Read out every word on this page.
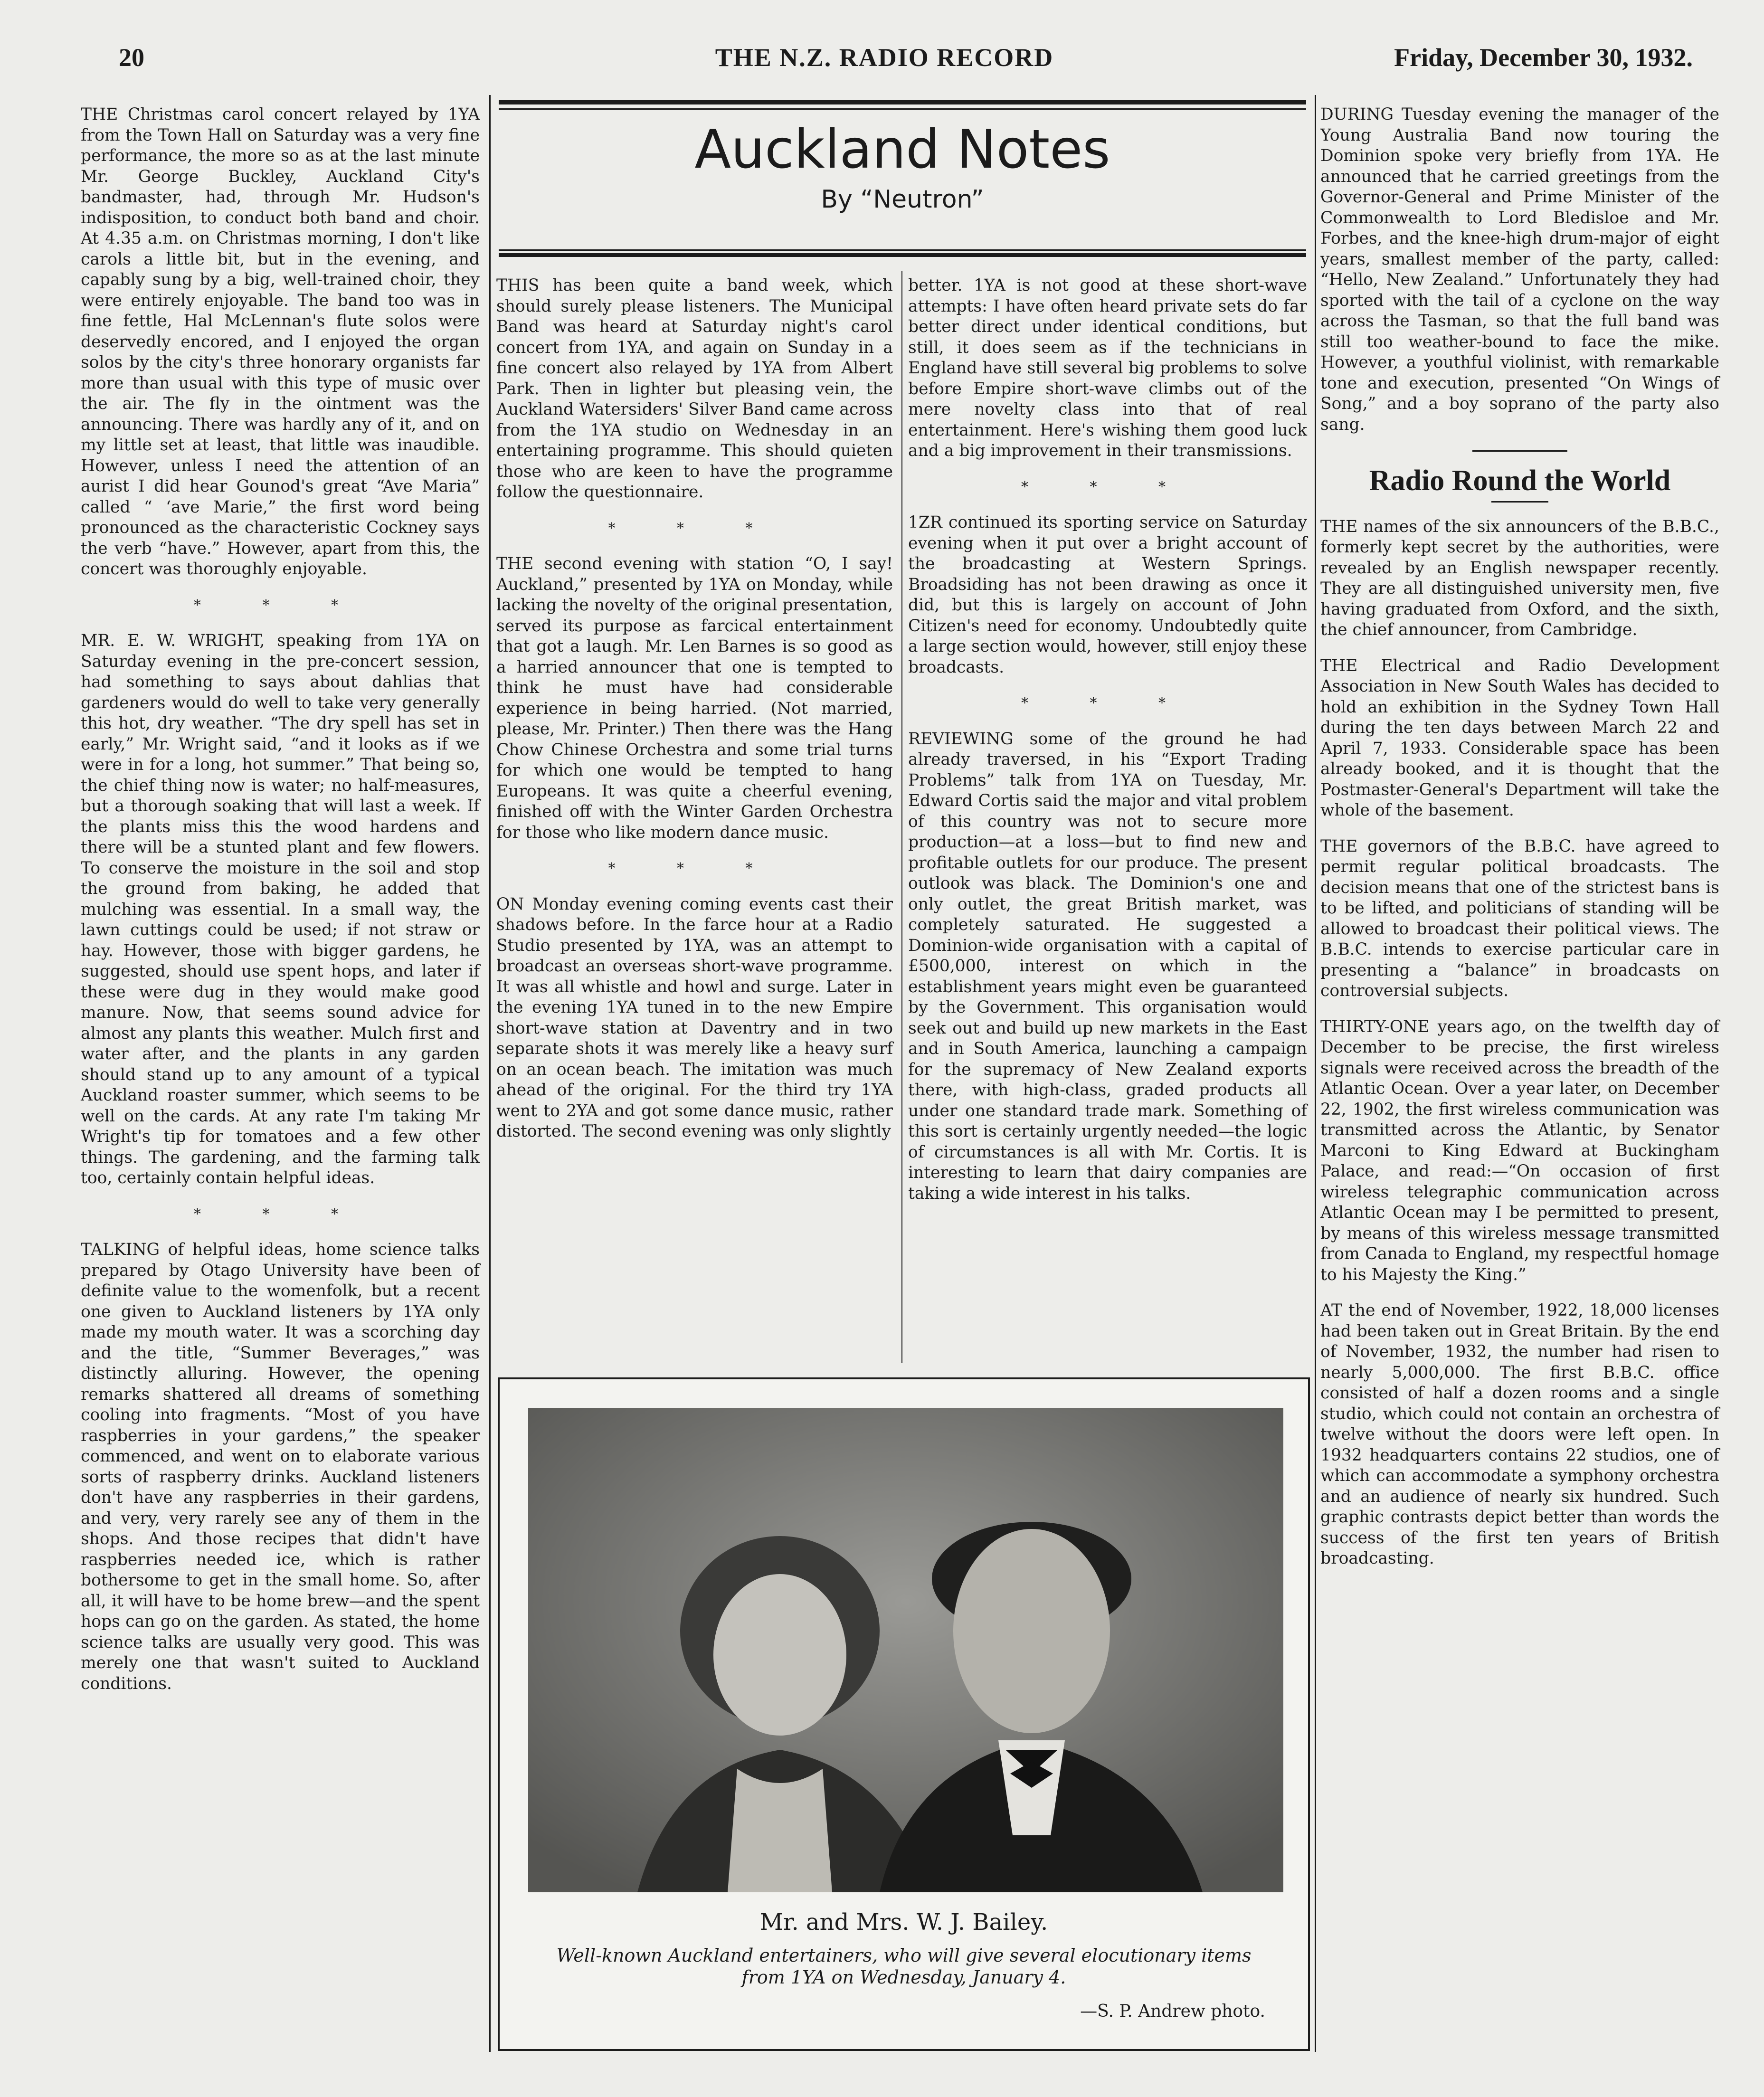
20	THE N.Z. RADIO RECORD	Friday, December 30, 1932.
Auckland Notes
By “Neutron”

THE Christmas carol concert relayed by 1YA from the Town Hall on Saturday was a very fine performance, the more so as at the last minute Mr. George Buckley, Auckland City's bandmaster, had, through Mr. Hudson's indisposition, to conduct both band and choir. At 4.35 a.m. on Christmas morning, I don't like carols a little bit, but in the evening, and capably sung by a big, well-trained choir, they were entirely enjoyable. The band too was in fine fettle, Hal McLennan's flute solos were deservedly encored, and I enjoyed the organ solos by the city's three honorary organists far more than usual with this type of music over the air. The fly in the ointment was the announcing. There was hardly any of it, and on my little set at least, that little was inaudible. However, unless I need the attention of an aurist I did hear Gounod's great “Ave Maria” called “ ‘ave Marie,” the first word being pronounced as the characteristic Cockney says the verb “have.” However, apart from this, the concert was thoroughly enjoyable.

* * *

MR. E. W. WRIGHT, speaking from 1YA on Saturday evening in the pre-concert session, had something to says about dahlias that gardeners would do well to take very generally this hot, dry weather. “The dry spell has set in early,” Mr. Wright said, “and it looks as if we were in for a long, hot summer.” That being so, the chief thing now is water; no half-measures, but a thorough soaking that will last a week. If the plants miss this the wood hardens and there will be a stunted plant and few flowers. To conserve the moisture in the soil and stop the ground from baking, he added that mulching was essential. In a small way, the lawn cuttings could be used; if not straw or hay. However, those with bigger gardens, he suggested, should use spent hops, and later if these were dug in they would make good manure. Now, that seems sound advice for almost any plants this weather. Mulch first and water after, and the plants in any garden should stand up to any amount of a typical Auckland roaster summer, which seems to be well on the cards. At any rate I'm taking Mr Wright's tip for tomatoes and a few other things. The gardening, and the farming talk too, certainly contain helpful ideas.

* * *

TALKING of helpful ideas, home science talks prepared by Otago University have been of definite value to the womenfolk, but a recent one given to Auckland listeners by 1YA only made my mouth water. It was a scorching day and the title, “Summer Beverages,” was distinctly alluring. However, the opening remarks shattered all dreams of something cooling into fragments. “Most of you have raspberries in your gardens,” the speaker commenced, and went on to elaborate various sorts of raspberry drinks. Auckland listeners don't have any raspberries in their gardens, and very, very rarely see any of them in the shops. And those recipes that didn't have raspberries needed ice, which is rather bothersome to get in the small home. So, after all, it will have to be home brew—and the spent hops can go on the garden. As stated, the home science talks are usually very good. This was merely one that wasn't suited to Auckland conditions.

THIS has been quite a band week, which should surely please listeners. The Municipal Band was heard at Saturday night's carol concert from 1YA, and again on Sunday in a fine concert also relayed by 1YA from Albert Park. Then in lighter but pleasing vein, the Auckland Watersiders' Silver Band came across from the 1YA studio on Wednesday in an entertaining programme. This should quieten those who are keen to have the programme follow the questionnaire.

* * *

THE second evening with station “O, I say! Auckland,” presented by 1YA on Monday, while lacking the novelty of the original presentation, served its purpose as farcical entertainment that got a laugh. Mr. Len Barnes is so good as a harried announcer that one is tempted to think he must have had considerable experience in being harried. (Not married, please, Mr. Printer.) Then there was the Hang Chow Chinese Orchestra and some trial turns for which one would be tempted to hang Europeans. It was quite a cheerful evening, finished off with the Winter Garden Orchestra for those who like modern dance music.

* * *

ON Monday evening coming events cast their shadows before. In the farce hour at a Radio Studio presented by 1YA, was an attempt to broadcast an overseas short-wave programme. It was all whistle and howl and surge. Later in the evening 1YA tuned in to the new Empire short-wave station at Daventry and in two separate shots it was merely like a heavy surf on an ocean beach. The imitation was much ahead of the original. For the third try 1YA went to 2YA and got some dance music, rather distorted. The second evening was only slightly

better. 1YA is not good at these short-wave attempts: I have often heard private sets do far better direct under identical conditions, but still, it does seem as if the technicians in England have still several big problems to solve before Empire short-wave climbs out of the mere novelty class into that of real entertainment. Here's wishing them good luck and a big improvement in their transmissions.

* * *

1ZR continued its sporting service on Saturday evening when it put over a bright account of the broadcasting at Western Springs. Broadsiding has not been drawing as once it did, but this is largely on account of John Citizen's need for economy. Undoubtedly quite a large section would, however, still enjoy these broadcasts.

* * *

REVIEWING some of the ground he had already traversed, in his “Export Trading Problems” talk from 1YA on Tuesday, Mr. Edward Cortis said the major and vital problem of this country was not to secure more production—at a loss—but to find new and profitable outlets for our produce. The present outlook was black. The Dominion's one and only outlet, the great British market, was completely saturated. He suggested a Dominion-wide organisation with a capital of £500,000, interest on which in the establishment years might even be guaranteed by the Government. This organisation would seek out and build up new markets in the East and in South America, launching a campaign for the supremacy of New Zealand exports there, with high-class, graded products all under one standard trade mark. Something of this sort is certainly urgently needed—the logic of circumstances is all with Mr. Cortis. It is interesting to learn that dairy companies are taking a wide interest in his talks.

DURING Tuesday evening the manager of the Young Australia Band now touring the Dominion spoke very briefly from 1YA. He announced that he carried greetings from the Governor-General and Prime Minister of the Commonwealth to Lord Bledisloe and Mr. Forbes, and the knee-high drum-major of eight years, smallest member of the party, called: “Hello, New Zealand.” Unfortunately they had sported with the tail of a cyclone on the way across the Tasman, so that the full band was still too weather-bound to face the mike. However, a youthful violinist, with remarkable tone and execution, presented “On Wings of Song,” and a boy soprano of the party also sang.

Radio Round the World

THE names of the six announcers of the B.B.C., formerly kept secret by the authorities, were revealed by an English newspaper recently. They are all distinguished university men, five having graduated from Oxford, and the sixth, the chief announcer, from Cambridge.

THE Electrical and Radio Development Association in New South Wales has decided to hold an exhibition in the Sydney Town Hall during the ten days between March 22 and April 7, 1933. Considerable space has been already booked, and it is thought that the Postmaster-General's Department will take the whole of the basement.

THE governors of the B.B.C. have agreed to permit regular political broadcasts. The decision means that one of the strictest bans is to be lifted, and politicians of standing will be allowed to broadcast their political views. The B.B.C. intends to exercise particular care in presenting a “balance” in broadcasts on controversial subjects.

THIRTY-ONE years ago, on the twelfth day of December to be precise, the first wireless signals were received across the breadth of the Atlantic Ocean. Over a year later, on December 22, 1902, the first wireless communication was transmitted across the Atlantic, by Senator Marconi to King Edward at Buckingham Palace, and read:—“On occasion of first wireless telegraphic communication across Atlantic Ocean may I be permitted to present, by means of this wireless message transmitted from Canada to England, my respectful homage to his Majesty the King.”

AT the end of November, 1922, 18,000 licenses had been taken out in Great Britain. By the end of November, 1932, the number had risen to nearly 5,000,000. The first B.B.C. office consisted of half a dozen rooms and a single studio, which could not contain an orchestra of twelve without the doors were left open. In 1932 headquarters contains 22 studios, one of which can accommodate a symphony orchestra and an audience of nearly six hundred. Such graphic contrasts depict better than words the success of the first ten years of British broadcasting.

Mr. and Mrs. W. J. Bailey.
Well-known Auckland entertainers, who will give several elocutionary items from 1YA on Wednesday, January 4.
—S. P. Andrew photo.
